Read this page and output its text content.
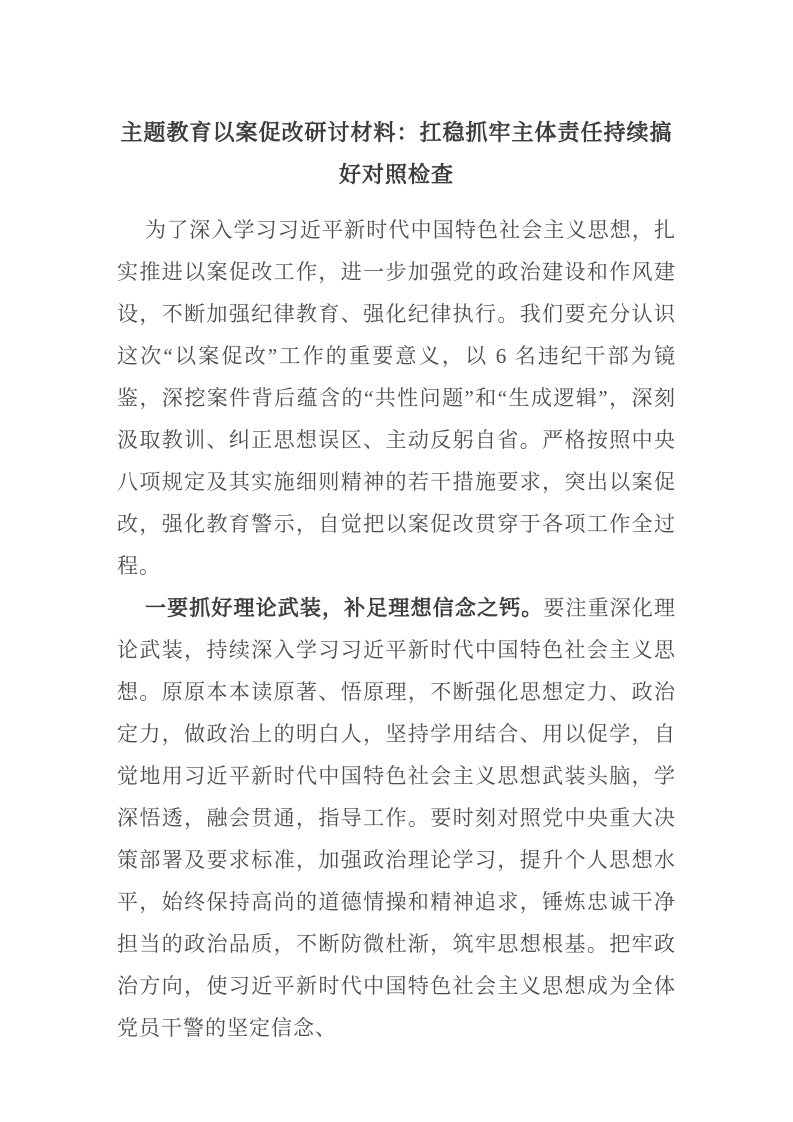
主题教育以案促改研讨材料：扛稳抓牢主体责任持续搞好对照检查

为了深入学习习近平新时代中国特色社会主义思想，扎实推进以案促改工作，进一步加强党的政治建设和作风建设，不断加强纪律教育、强化纪律执行。我们要充分认识这次“以案促改”工作的重要意义，以 6 名违纪干部为镜鉴，深挖案件背后蕴含的“共性问题”和“生成逻辑”，深刻汲取教训、纠正思想误区、主动反躬自省。严格按照中央八项规定及其实施细则精神的若干措施要求，突出以案促改，强化教育警示，自觉把以案促改贯穿于各项工作全过程。

一要抓好理论武装，补足理想信念之钙。要注重深化理论武装，持续深入学习习近平新时代中国特色社会主义思想。原原本本读原著、悟原理，不断强化思想定力、政治定力，做政治上的明白人，坚持学用结合、用以促学，自觉地用习近平新时代中国特色社会主义思想武装头脑，学深悟透，融会贯通，指导工作。要时刻对照党中央重大决策部署及要求标准，加强政治理论学习，提升个人思想水平，始终保持高尚的道德情操和精神追求，锤炼忠诚干净担当的政治品质，不断防微杜渐，筑牢思想根基。把牢政治方向，使习近平新时代中国特色社会主义思想成为全体党员干警的坚定信念、
